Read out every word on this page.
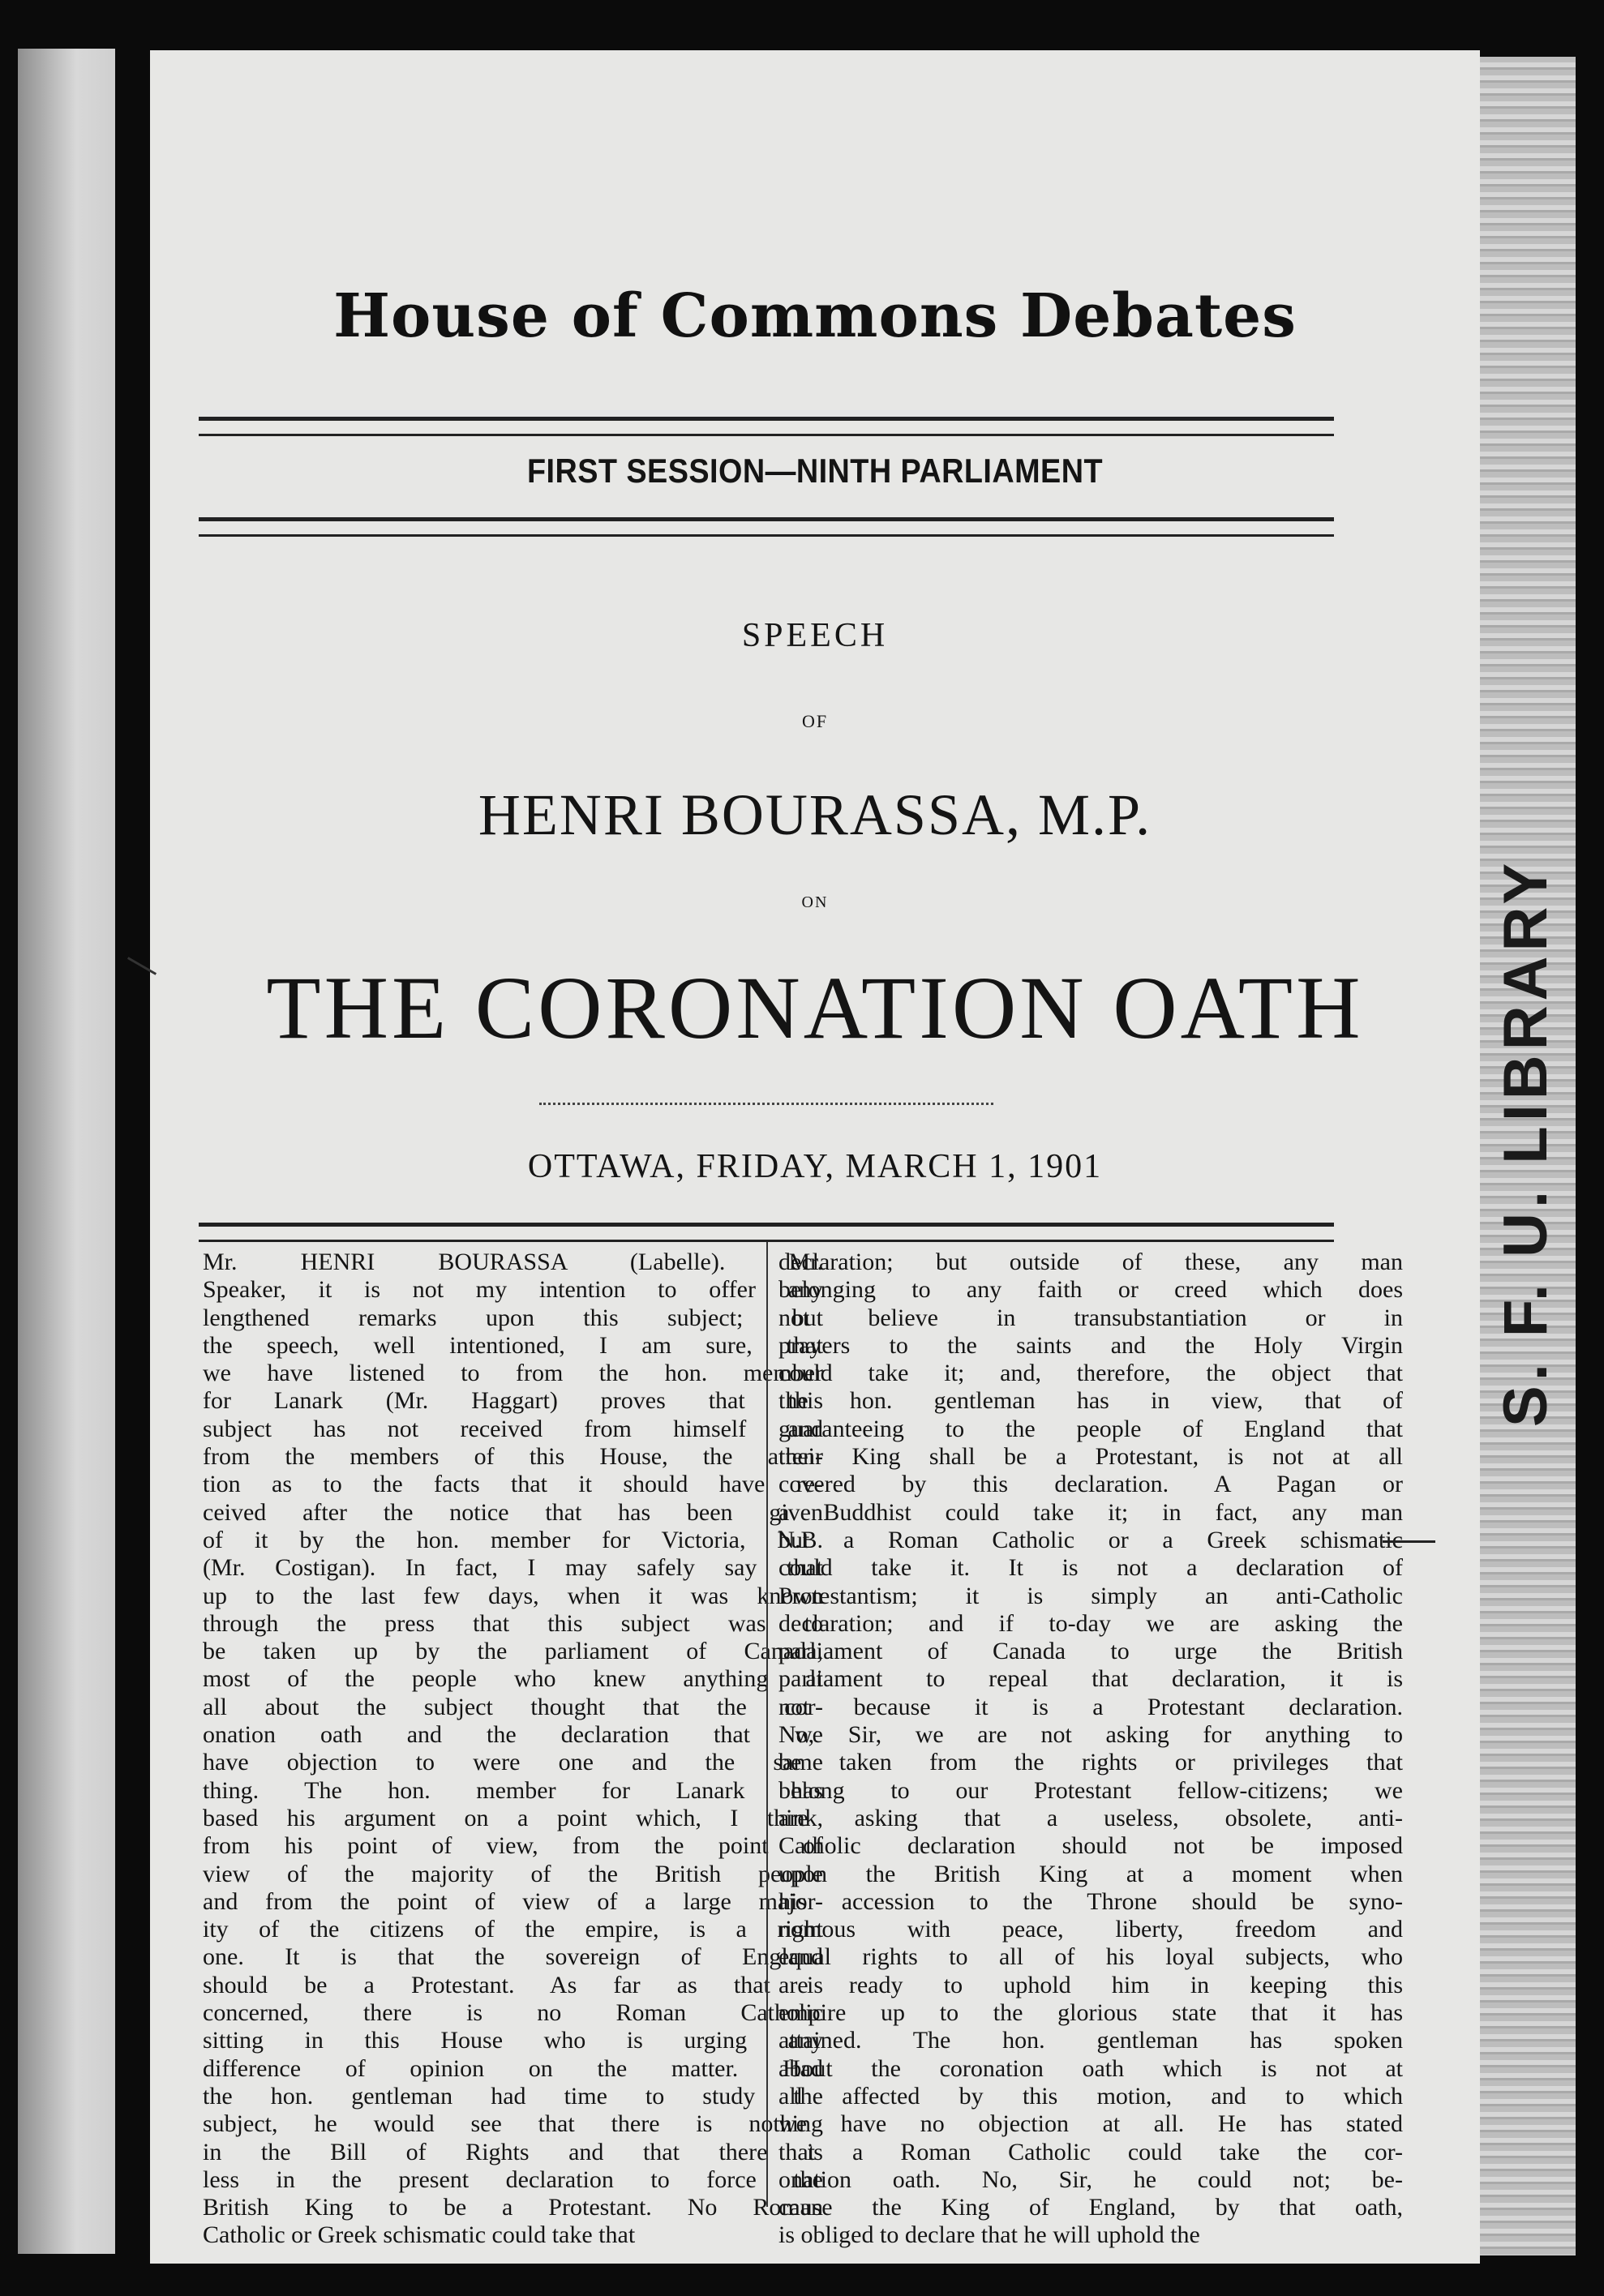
S. F. U. LIBRARY
House of Commons Debates
FIRST SESSION—NINTH PARLIAMENT
SPEECH
OF
HENRI BOURASSA, M.P.
ON
THE CORONATION OATH
OTTAWA, FRIDAY, MARCH 1, 1901
Mr. HENRI BOURASSA (Labelle). Mr.
Speaker, it is not my intention to offer any
lengthened remarks upon this subject; but
the speech, well intentioned, I am sure, that
we have listened to from the hon. member
for Lanark (Mr. Haggart) proves that this
subject has not received from himself and
from the members of this House, the atten-
tion as to the facts that it should have re-
ceived after the notice that has been given
of it by the hon. member for Victoria, N.B.
(Mr. Costigan). In fact, I may safely say that
up to the last few days, when it was known
through the press that this subject was to
be taken up by the parliament of Canada,
most of the people who knew anything at
all about the subject thought that the cor-
onation oath and the declaration that we
have objection to were one and the same
thing. The hon. member for Lanark has
based his argument on a point which, I think,
from his point of view, from the point of
view of the majority of the British people
and from the point of view of a large major-
ity of the citizens of the empire, is a right
one. It is that the sovereign of England
should be a Protestant. As far as that is
concerned, there is no Roman Catholic
sitting in this House who is urging any
difference of opinion on the matter. Had
the hon. gentleman had time to study the
subject, he would see that there is nothing
in the Bill of Rights and that there is
less in the present declaration to force the
British King to be a Protestant. No Roman
Catholic or Greek schismatic could take that
declaration; but outside of these, any man
belonging to any faith or creed which does
not believe in transubstantiation or in
prayers to the saints and the Holy Virgin
could take it; and, therefore, the object that
the hon. gentleman has in view, that of
guaranteeing to the people of England that
their King shall be a Protestant, is not at all
covered by this declaration. A Pagan or
a Buddhist could take it; in fact, any man
but a Roman Catholic or a Greek schismatic
could take it. It is not a declaration of
Protestantism; it is simply an anti-Catholic
declaration; and if to-day we are asking the
parliament of Canada to urge the British
parliament to repeal that declaration, it is
not because it is a Protestant declaration.
No, Sir, we are not asking for anything to
be taken from the rights or privileges that
belong to our Protestant fellow-citizens; we
are asking that a useless, obsolete, anti-
Catholic declaration should not be imposed
upon the British King at a moment when
his accession to the Throne should be syno-
nomous with peace, liberty, freedom and
equal rights to all of his loyal subjects, who
are ready to uphold him in keeping this
empire up to the glorious state that it has
attained. The hon. gentleman has spoken
about the coronation oath which is not at
all affected by this motion, and to which
we have no objection at all. He has stated
that a Roman Catholic could take the cor-
onation oath. No, Sir, he could not; be-
cause the King of England, by that oath,
is obliged to declare that he will uphold the
